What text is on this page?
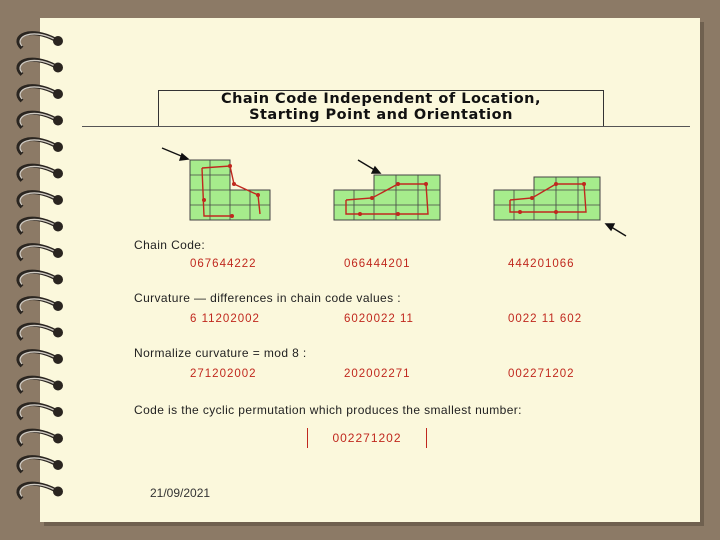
Chain Code Independent of Location,
Starting Point and Orientation
Chain Code:
067644222	066444201	444201066
Curvature — differences in chain code values :
6 11202002	6020022 11	0022 11 602
Normalize curvature = mod 8 :
271202002	202002271	002271202
Code is the cyclic permutation which produces the smallest number:
002271202
21/09/2021
